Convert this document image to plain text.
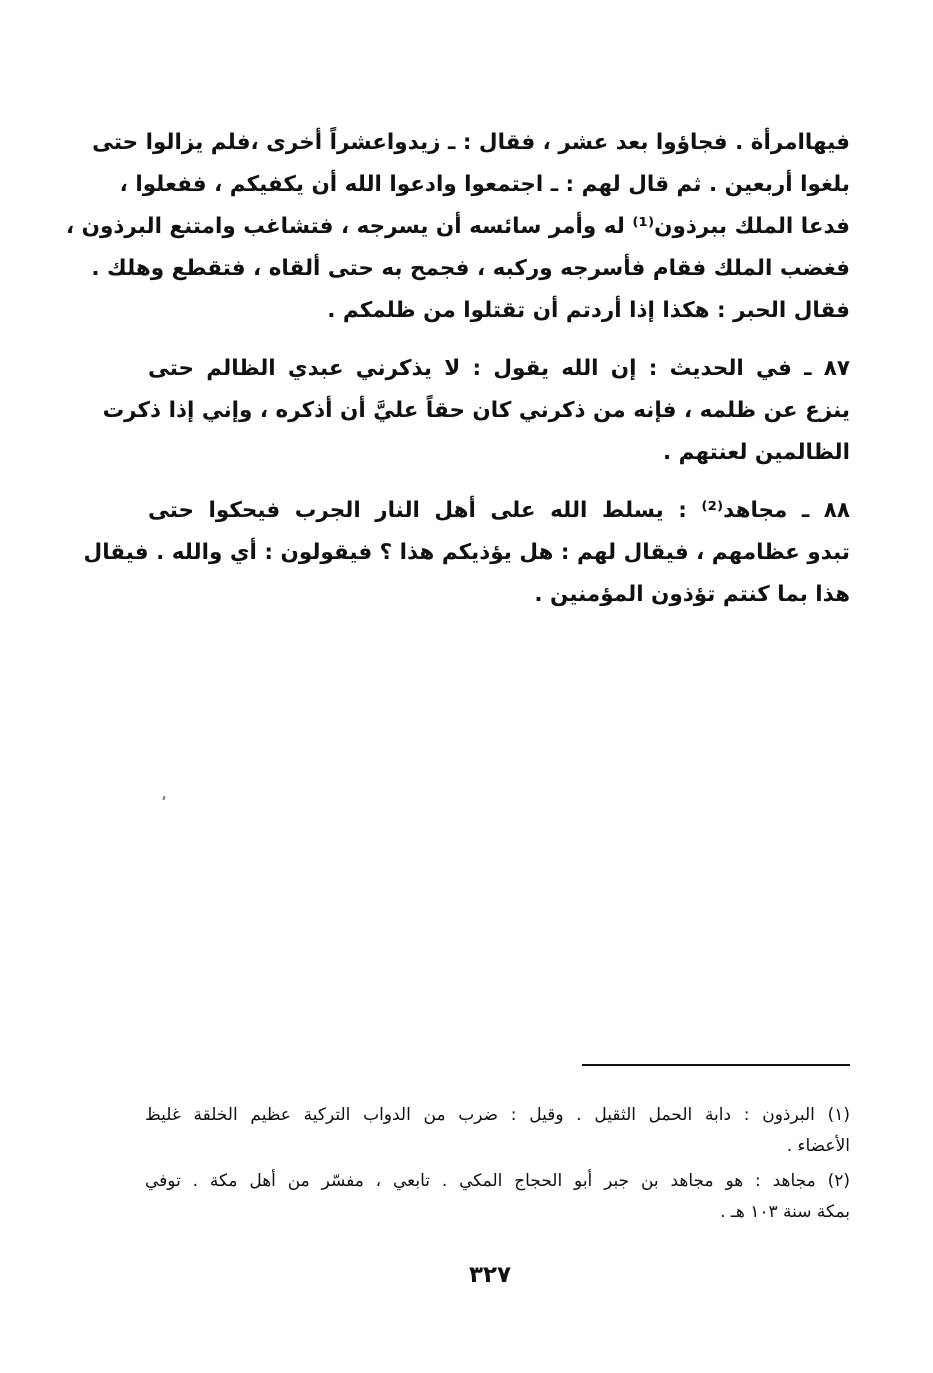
فيهاامرأة . فجاؤوا بعد عشر ، فقال : ـ زيدواعشراً أخرى ،فلم يزالوا حتى
بلغوا أربعين . ثم قال لهم : ـ اجتمعوا وادعوا الله أن يكفيكم ، ففعلوا ،
فدعا الملك ببرذون⁽¹⁾ له وأمر سائسه أن يسرجه ، فتشاغب وامتنع البرذون ،
فغضب الملك فقام فأسرجه وركبه ، فجمح به حتى ألقاه ، فتقطع وهلك .
فقال الحبر : هكذا إذا أردتم أن تقتلوا من ظلمكم .
٨٧ ـ في الحديث : إن الله يقول : لا يذكرني عبدي الظالم حتى
ينزع عن ظلمه ، فإنه من ذكرني كان حقاً عليَّ أن أذكره ، وإني إذا ذكرت
الظالمين لعنتهم .
٨٨ ـ مجاهد⁽²⁾ : يسلط الله على أهل النار الجرب فيحكوا حتى
تبدو عظامهم ، فيقال لهم : هل يؤذيكم هذا ؟ فيقولون : أي والله . فيقال
هذا بما كنتم تؤذون المؤمنين .
(١) البرذون : دابة الحمل الثقيل . وقيل : ضرب من الدواب التركية عظيم الخلقة غليظ
الأعضاء .
(٢) مجاهد : هو مجاهد بن جبر أبو الحجاج المكي . تابعي ، مفسّر من أهل مكة . توفي
بمكة سنة ١٠٣ هـ .
٣٢٧
